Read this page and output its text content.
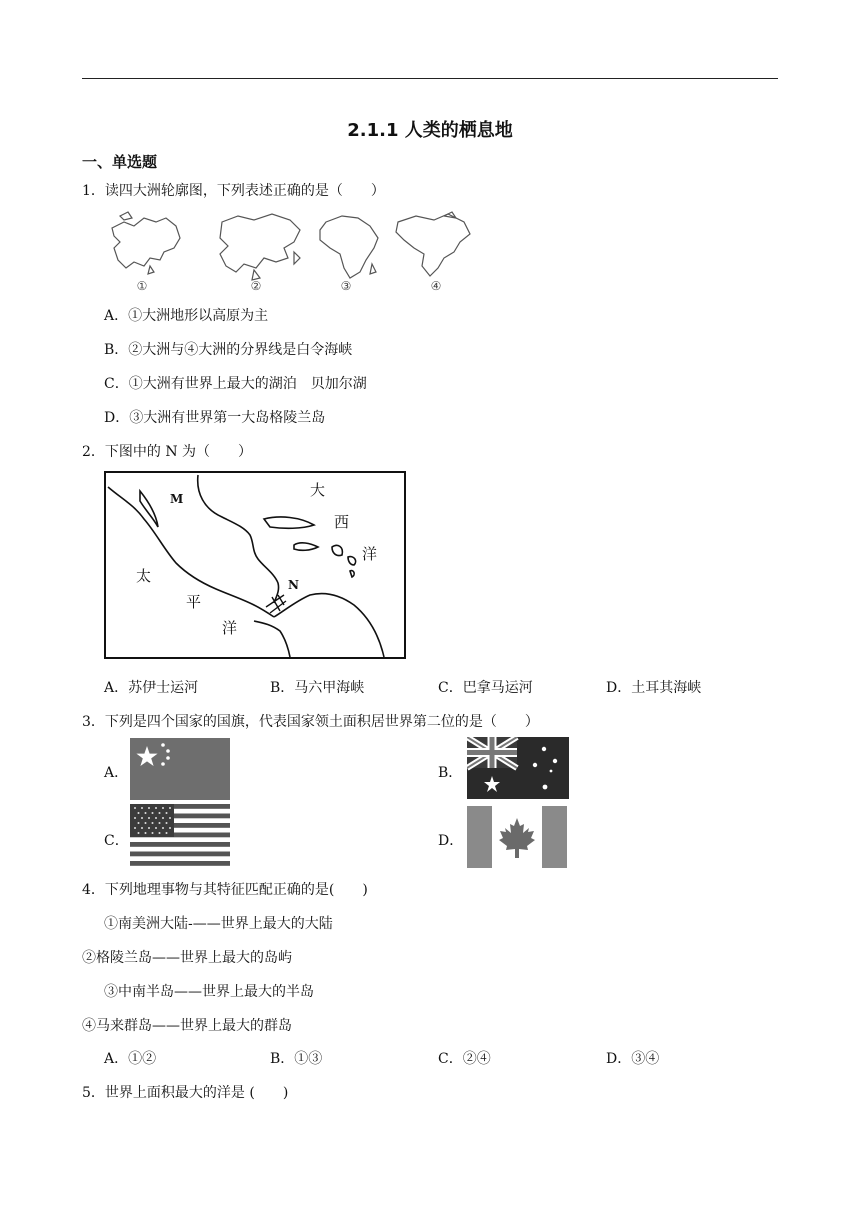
2.1.1 人类的栖息地
一、单选题
1．读四大洲轮廓图，下列表述正确的是（　　）
①	②	③	④
A．①大洲地形以高原为主
B．②大洲与④大洲的分界线是白令海峡
C．①大洲有世界上最大的湖泊　贝加尔湖
D．③大洲有世界第一大岛格陵兰岛
2．下图中的 N 为（　　）
M
N
大
西
洋
太
平
洋
A．苏伊士运河	B．马六甲海峡	C．巴拿马运河	D．土耳其海峡
3．下列是四个国家的国旗，代表国家领土面积居世界第二位的是（　　）
A．	B．
C．	D．
4．下列地理事物与其特征匹配正确的是(　　)
①南美洲大陆-——世界上最大的大陆
②格陵兰岛——世界上最大的岛屿
③中南半岛——世界上最大的半岛
④马来群岛——世界上最大的群岛
A．①②	B．①③	C．②④	D．③④
5．世界上面积最大的洋是 (　　)
